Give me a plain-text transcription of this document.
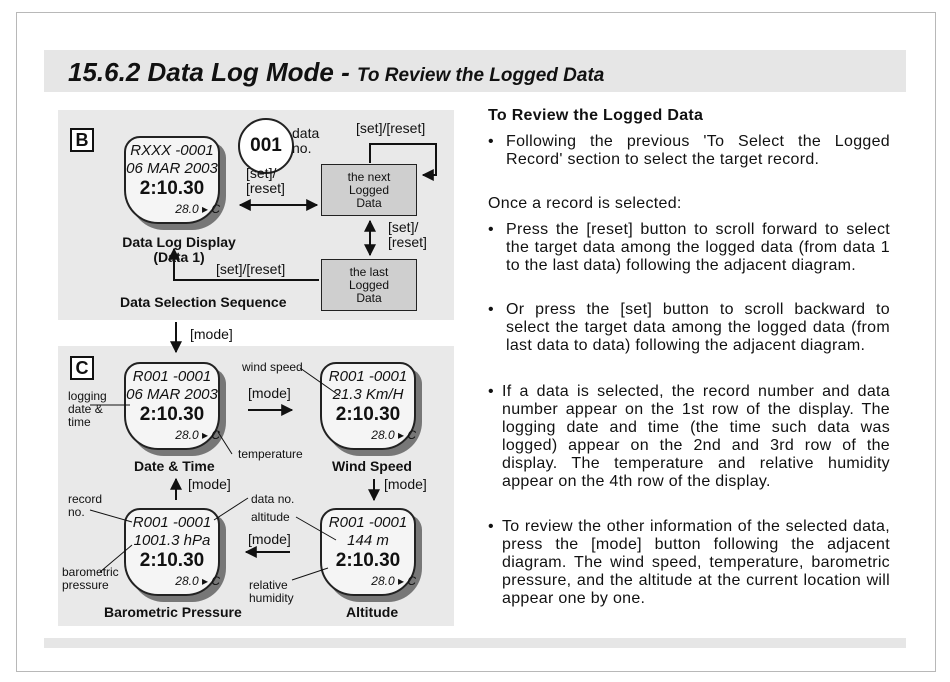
15.6.2 Data Log Mode - To Review the Logged Data
B
RXXX -0001
06 MAR 2003
2:10.30
28.0 ▸ C
001
data
no.
[set]/[reset]
[set]/
[reset]
the next
Logged
Data
[set]/
[reset]
the last
Logged
Data
Data Log Display
(Data 1)
[set]/[reset]
Data Selection Sequence
[mode]
C	R001 -0001
06 MAR 2003
2:10.30
28.0 ▸ C
R001 -0001
21.3 Km/H
2:10.30
28.0 ▸ C
R001 -0001
1001.3 hPa
2:10.30
28.0 ▸ C
R001 -0001
144 m
2:10.30
28.0 ▸ C
logging
date &
time
wind speed
[mode]
temperature
Date & Time	Wind Speed
[mode]	[mode]
record
no.
data no.
altitude
[mode]
barometric
pressure	relative
humidity
Barometric Pressure	Altitude
To Review the Logged Data
• Following the previous 'To Select the Logged Record' section to select the target record.
Once a record is selected:
• Press the [reset] button to scroll forward to select the target data among the logged data (from data 1 to the last data) following the adjacent diagram.
• Or press the [set] button to scroll backward to select the target data among the logged data (from last data to data) following the adjacent diagram.
• If a data is selected, the record number and data number appear on the 1st row of the display. The logging date and time (the time such data was logged) appear on the 2nd and 3rd row of the display. The temperature and relative humidity appear on the 4th row of the display.
• To review the other information of the selected data, press the [mode] button following the adjacent diagram. The wind speed, temperature, barometric pressure, and the altitude at the current location will appear one by one.
